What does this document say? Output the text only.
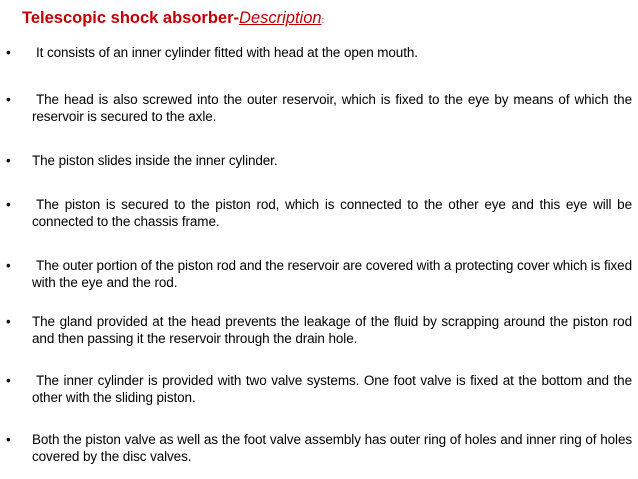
Telescopic shock absorber-Description:
• It consists of an inner cylinder fitted with head at the open mouth.
• The head is also screwed into the outer reservoir, which is fixed to the eye by means of which the reservoir is secured to the axle.
• The piston slides inside the inner cylinder.
• The piston is secured to the piston rod, which is connected to the other eye and this eye will be connected to the chassis frame.
• The outer portion of the piston rod and the reservoir are covered with a protecting cover which is fixed with the eye and the rod.
• The gland provided at the head prevents the leakage of the fluid by scrapping around the piston rod and then passing it the reservoir through the drain hole.
• The inner cylinder is provided with two valve systems. One foot valve is fixed at the bottom and the other with the sliding piston.
• Both the piston valve as well as the foot valve assembly has outer ring of holes and inner ring of holes covered by the disc valves.
